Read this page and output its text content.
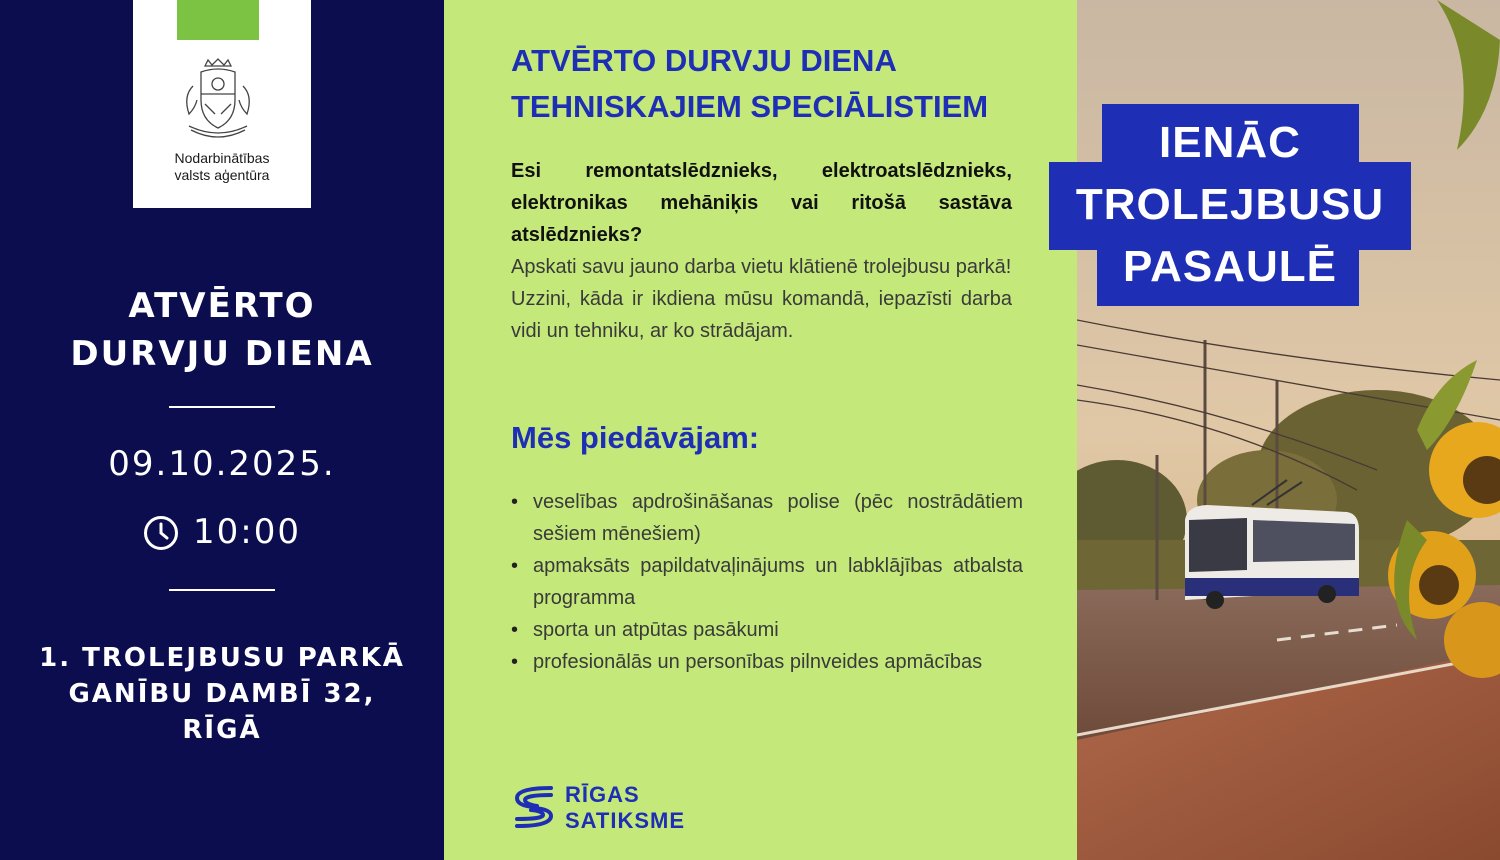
Nodarbinātības
valsts aģentūra
ATVĒRTO
DURVJU DIENA
09.10.2025.
10:00
1. TROLEJBUSU PARKĀ
GANĪBU DAMBĪ 32,
RĪGĀ
ATVĒRTO DURVJU DIENA
TEHNISKAJIEM SPECIĀLISTIEM

Esi remontatslēdznieks, elektroatslēdznieks, elektronikas mehāniķis vai ritošā sastāva atslēdznieks?

Apskati savu jauno darba vietu klātienē trolejbusu parkā!

Uzzini, kāda ir ikdiena mūsu komandā, iepazīsti darba vidi un tehniku, ar ko strādājam.

Mēs piedāvājam:
• veselības apdrošināšanas polise (pēc nostrādātiem sešiem mēnešiem)
• apmaksāts papildatvaļinājums un labklājības atbalsta programma
• sporta un atpūtas pasākumi
• profesionālās un personības pilnveides apmācības
RĪGAS
SATIKSME
IENĀC
TROLEJBUSU
PASAULĒ
